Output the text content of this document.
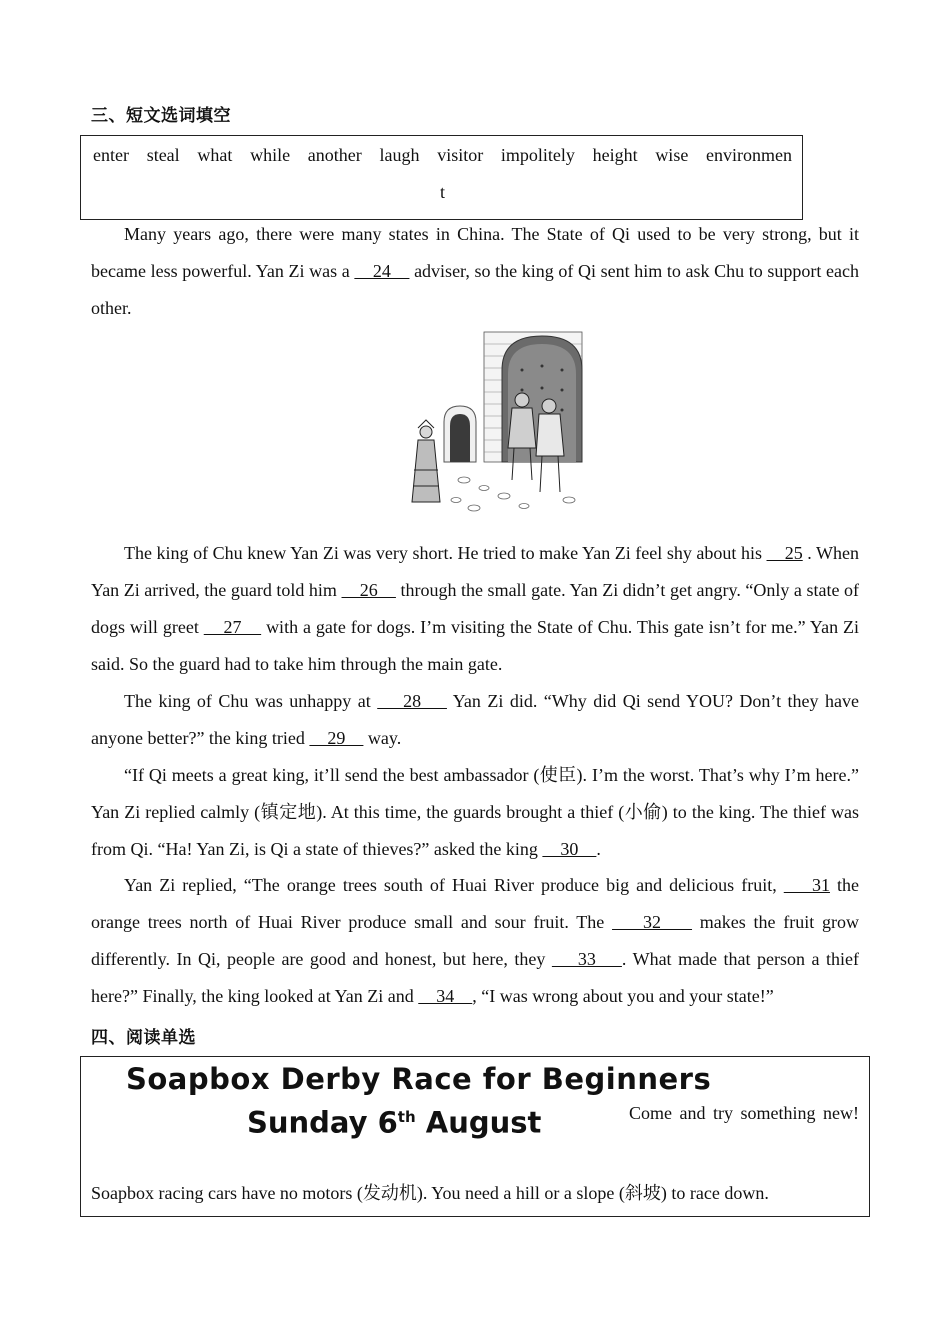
三、短文选词填空
enter steal what while another laugh visitor impolitely height wise environmen
t

Many years ago, there were many states in China. The State of Qi used to be very strong, but it became less powerful. Yan Zi was a     24     adviser, so the king of Qi sent him to ask Chu to support each other.

The king of Chu knew Yan Zi was very short. He tried to make Yan Zi feel shy about his     25 . When Yan Zi arrived, the guard told him     26     through the small gate. Yan Zi didn’t get angry. “Only a state of dogs will greet     27     with a gate for dogs. I’m visiting the State of Chu. This gate isn’t for me.” Yan Zi said. So the guard had to take him through the main gate.

The king of Chu was unhappy at     28     Yan Zi did. “Why did Qi send YOU? Don’t they have anyone better?” the king tried     29     way.

“If Qi meets a great king, it’ll send the best ambassador (使臣). I’m the worst. That’s why I’m here.” Yan Zi replied calmly (镇定地). At this time, the guards brought a thief (小偷) to the king. The thief was from Qi. “Ha! Yan Zi, is Qi a state of thieves?” asked the king     30    .

Yan Zi replied, “The orange trees south of Huai River produce big and delicious fruit,     31 the orange trees north of Huai River produce small and sour fruit. The     32     makes the fruit grow differently. In Qi, people are good and honest, but here, they     33    . What made that person a thief here?” Finally, the king looked at Yan Zi and     34    , “I was wrong about you and your state!”

四、阅读单选
Soapbox Derby Race for Beginners
Sunday 6th August	Come and try something new!
Soapbox racing cars have no motors (发动机). You need a hill or a slope (斜坡) to race down.
